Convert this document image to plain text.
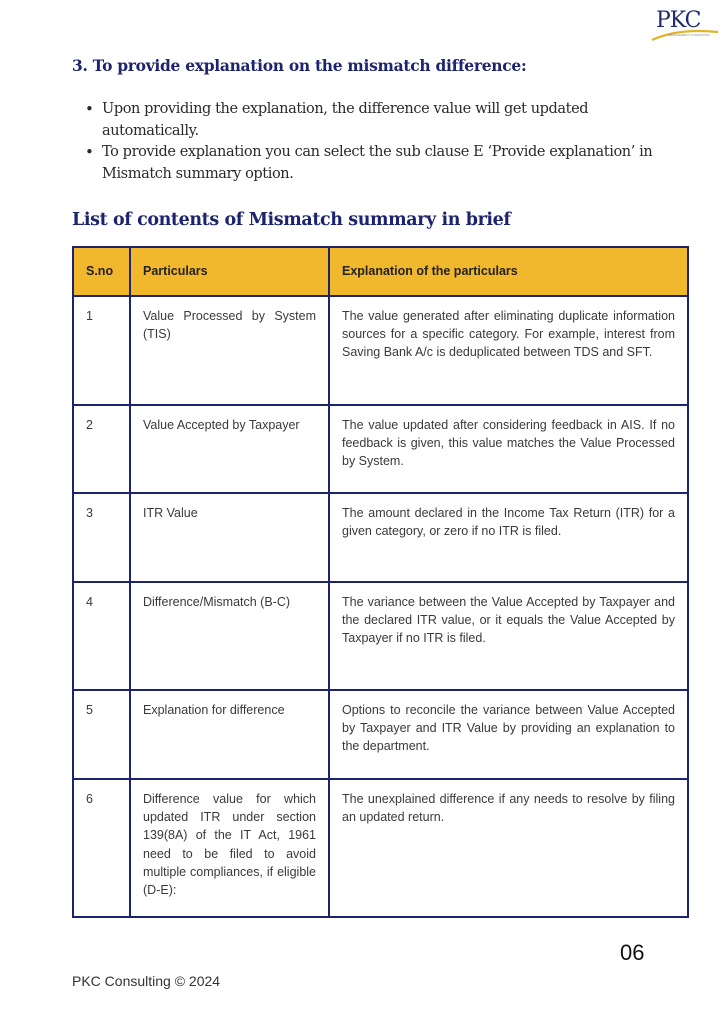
PKC
MANAGEMENT CONSULTING
3. To provide explanation on the mismatch difference:
• Upon providing the explanation, the difference value will get updated automatically.
• To provide explanation you can select the sub clause E ‘Provide explanation’ in Mismatch summary option.
List of contents of Mismatch summary in brief
S.no	Particulars	Explanation of the particulars
1	Value Processed by System (TIS)	The value generated after eliminating duplicate information sources for a specific category. For example, interest from Saving Bank A/c is deduplicated between TDS and SFT.
2	Value Accepted by Taxpayer	The value updated after considering feedback in AIS. If no feedback is given, this value matches the Value Processed by System.
3	ITR Value	The amount declared in the Income Tax Return (ITR) for a given category, or zero if no ITR is filed.
4	Difference/Mismatch (B-C)	The variance between the Value Accepted by Taxpayer and the declared ITR value, or it equals the Value Accepted by Taxpayer if no ITR is filed.
5	Explanation for difference	Options to reconcile the variance between Value Accepted by Taxpayer and ITR Value by providing an explanation to the department.
6	Difference value for which updated ITR under section 139(8A) of the IT Act, 1961 need to be filed to avoid multiple compliances, if eligible (D-E):	The unexplained difference if any needs to resolve by filing an updated return.
06
PKC Consulting © 2024
